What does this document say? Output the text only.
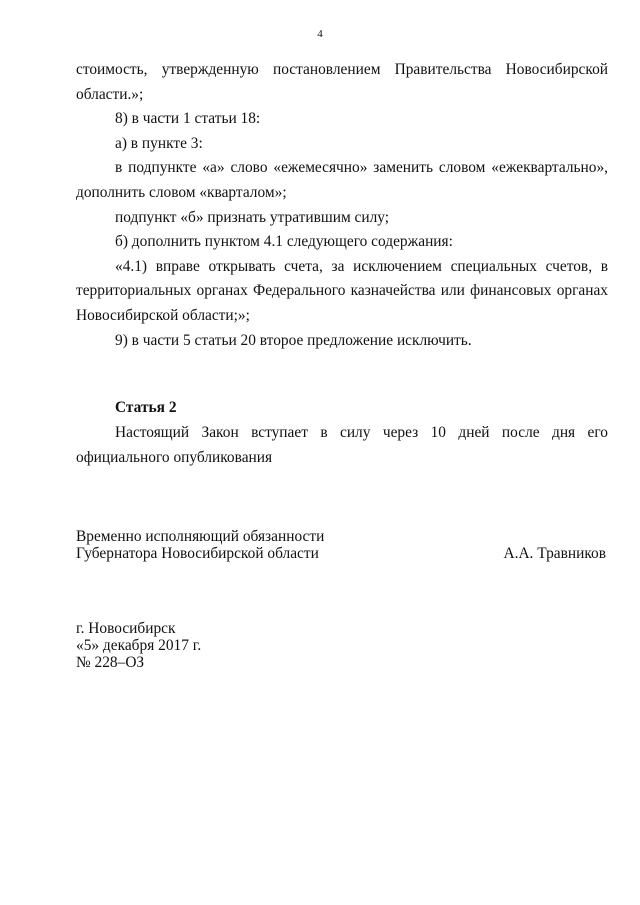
4

стоимость, утвержденную постановлением Правительства Новосибирской области.»;

8) в части 1 статьи 18:

а) в пункте 3:

в подпункте «а» слово «ежемесячно» заменить словом «ежеквартально», дополнить словом «кварталом»;

подпункт «б» признать утратившим силу;

б) дополнить пунктом 4.1 следующего содержания:

«4.1) вправе открывать счета, за исключением специальных счетов, в территориальных органах Федерального казначейства или финансовых органах Новосибирской области;»;

9) в части 5 статьи 20 второе предложение исключить.

Статья 2

Настоящий Закон вступает в силу через 10 дней после дня его официального опубликования

Временно исполняющий обязанности
Губернатора Новосибирской области	А.А. Травников
г. Новосибирск
«5» декабря 2017 г.
№ 228–ОЗ
